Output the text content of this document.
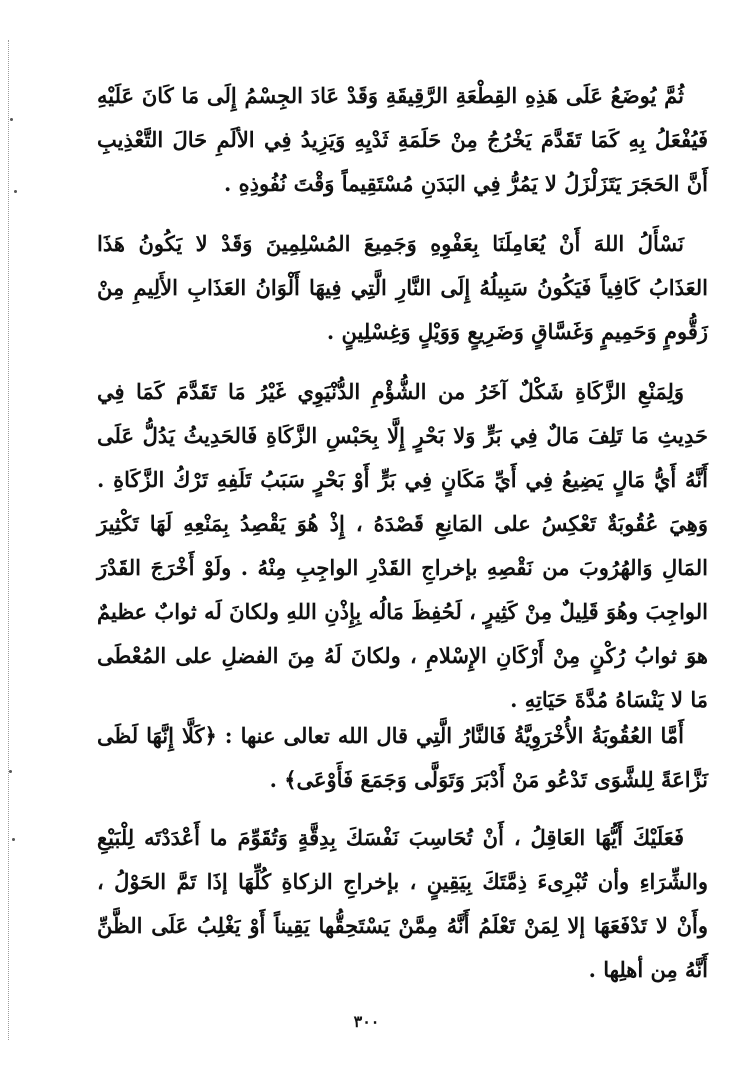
ثُمَّ يُوضَعُ عَلَى هَذِهِ القِطْعَةِ الرَّقِيقَةِ وَقَدْ عَادَ الجِسْمُ إِلَى مَا كَانَ عَلَيْهِ فَيُفْعَلُ بِهِ كَمَا تَقَدَّمَ يَخْرُجُ مِنْ حَلَمَةِ ثَدْيِهِ وَيَزِيدُ فِي الألَمِ حَالَ التَّعْذِيبِ أَنَّ الحَجَرَ يَتَزَلْزَلُ لا يَمُرُّ فِي البَدَنِ مُسْتَقِيماً وَقْتَ نُفُوذِهِ .

نَسْأَلُ اللهَ أَنْ يُعَامِلَنَا بِعَفْوِهِ وَجَمِيعَ المُسْلِمِينَ وَقَدْ لا يَكُونُ هَذَا العَذَابُ كَافِياً فَيَكُونُ سَبِيلُهُ إِلَى النَّارِ الَّتِي فِيهَا أَلْوَانُ العَذَابِ الأَلِيمِ مِنْ زَقُّومٍ وَحَمِيمٍ وَغَسَّاقٍ وَضَرِيعٍ وَوَيْلٍ وَغِسْلِينٍ .

وَلِمَنْعِ الزَّكَاةِ شَكْلٌ آخَرُ من الشُّؤْمِ الدُّنْيَوِي غَيْرُ مَا تَقَدَّمَ كَمَا فِي حَدِيثِ مَا تَلِفَ مَالٌ فِي بَرٍّ وَلا بَحْرٍ إِلَّا بِحَبْسِ الزَّكَاةِ فَالحَدِيثُ يَدُلُّ عَلَى أَنَّهُ أَيُّ مَالٍ يَضِيعُ فِي أَيِّ مَكَانٍ فِي بَرٍّ أَوْ بَحْرٍ سَبَبُ تَلَفِهِ تَرْكُ الزَّكَاةِ . وَهِيَ عُقُوبَةٌ تَعْكِسُ على المَانِعِ قَصْدَهُ ، إِذْ هُوَ يَقْصِدُ بِمَنْعِهِ لَهَا تَكْثِيرَ المَالِ وَالهُرُوبَ من نَقْصِهِ بإخراجِ القَدْرِ الواجِبِ مِنْهُ . ولَوْ أَخْرَجَ القَدْرَ الواجِبَ وهُوَ قَلِيلٌ مِنْ كَثِيرٍ ، لَحُفِظَ مَالُه بِإِذْنِ اللهِ ولكانَ لَه ثوابٌ عظيمٌ هوَ ثوابُ رُكْنٍ مِنْ أَرْكَانِ الإِسْلامِ ، ولكانَ لَهُ مِنَ الفضلِ على المُعْطَى مَا لا يَنْسَاهُ مُدَّةَ حَيَاتِهِ .

أَمَّا العُقُوبَةُ الأُخْرَوِيَّةُ فَالنَّارُ الَّتِي قال الله تعالى عنها : ﴿كَلَّا إِنَّهَا لَظَى نَزَّاعَةً لِلشَّوَى تَدْعُو مَنْ أَدْبَرَ وَتَوَلَّى وَجَمَعَ فَأَوْعَى﴾ .

فَعَلَيْكَ أَيُّهَا العَاقِلُ ، أَنْ تُحَاسِبَ نَفْسَكَ بِدِقَّةٍ وَتُقَوِّمَ ما أَعْدَدْتَه لِلْبَيْعِ والشِّرَاءِ وأن تُبْرِىءَ ذِمَّتَكَ بِيَقِينٍ ، بإخراجِ الزكاةِ كُلِّهَا إذَا تَمَّ الحَوْلُ ، وأَنْ لا تَدْفَعَهَا إلا لِمَنْ تَعْلَمُ أَنَّهُ مِمَّنْ يَسْتَحِقُّها يَقِيناً أَوْ يَغْلِبُ عَلَى الظَّنِّ أَنَّهُ مِن أهلِها .

٣٠٠
